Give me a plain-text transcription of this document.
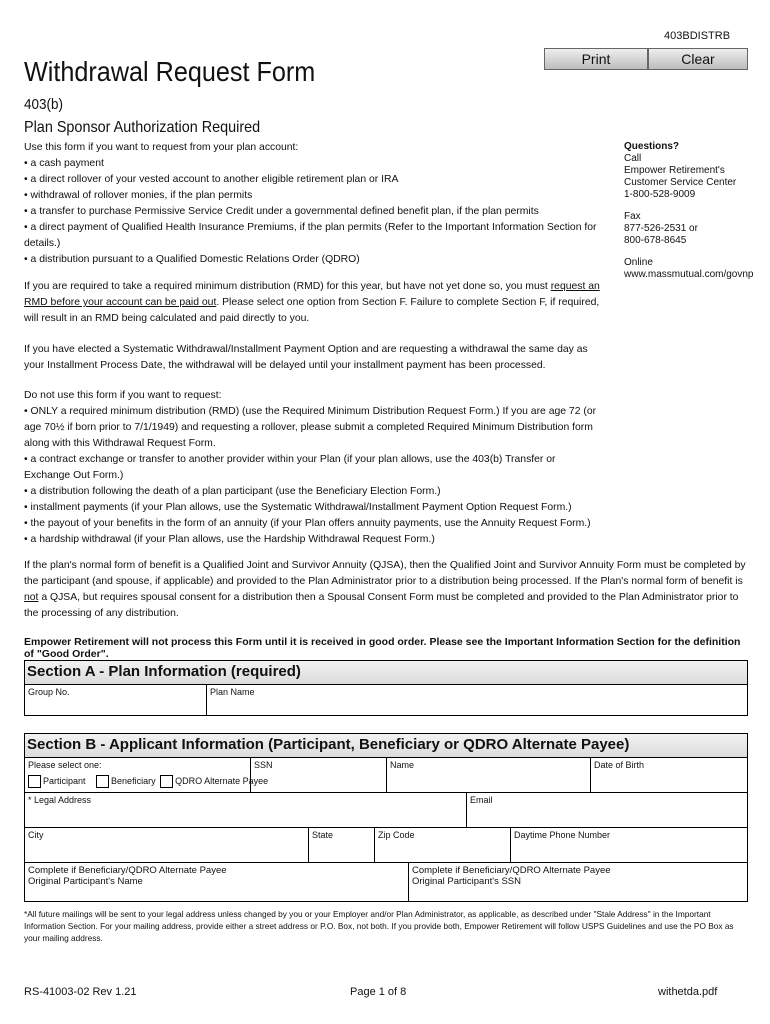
403BDISTRB
Print	Clear
Withdrawal Request Form
403(b)
Plan Sponsor Authorization Required
Use this form if you want to request from your plan account:
• a cash payment
• a direct rollover of your vested account to another eligible retirement plan or IRA
• withdrawal of rollover monies, if the plan permits
• a transfer to purchase Permissive Service Credit under a governmental defined benefit plan, if the plan permits
• a direct payment of Qualified Health Insurance Premiums, if the plan permits (Refer to the Important Information Section for details.)
• a distribution pursuant to a Qualified Domestic Relations Order (QDRO)
If you are required to take a required minimum distribution (RMD) for this year, but have not yet done so, you must request an RMD before your account can be paid out. Please select one option from Section F. Failure to complete Section F, if required, will result in an RMD being calculated and paid directly to you.
If you have elected a Systematic Withdrawal/Installment Payment Option and are requesting a withdrawal the same day as your Installment Process Date, the withdrawal will be delayed until your installment payment has been processed.
Do not use this form if you want to request:
• ONLY a required minimum distribution (RMD) (use the Required Minimum Distribution Request Form.) If you are age 72 (or age 70½ if born prior to 7/1/1949) and requesting a rollover, please submit a completed Required Minimum Distribution form along with this Withdrawal Request Form.
• a contract exchange or transfer to another provider within your Plan (if your plan allows, use the 403(b) Transfer or Exchange Out Form.)
• a distribution following the death of a plan participant (use the Beneficiary Election Form.)
• installment payments (if your Plan allows, use the Systematic Withdrawal/Installment Payment Option Request Form.)
• the payout of your benefits in the form of an annuity (if your Plan offers annuity payments, use the Annuity Request Form.)
• a hardship withdrawal (if your Plan allows, use the Hardship Withdrawal Request Form.)
If the plan's normal form of benefit is a Qualified Joint and Survivor Annuity (QJSA), then the Qualified Joint and Survivor Annuity Form must be completed by the participant (and spouse, if applicable) and provided to the Plan Administrator prior to a distribution being processed. If the Plan's normal form of benefit is not a QJSA, but requires spousal consent for a distribution then a Spousal Consent Form must be completed and provided to the Plan Administrator prior to the processing of any distribution.

Questions?
Call
Empower Retirement's Customer Service Center
1-800-528-9009

Fax
877-526-2531 or
800-678-8645

Online
www.massmutual.com/govnp

Empower Retirement will not process this Form until it is received in good order. Please see the Important Information Section for the definition of "Good Order".
Section A - Plan Information (required)
Group No.	Plan Name
Section B - Applicant Information (Participant, Beneficiary or QDRO Alternate Payee)
Please select one:
Participant	Beneficiary QDRO Alternate Payee
SSN	Name	Date of Birth
* Legal Address	Email
City	State	Zip Code	Daytime Phone Number
Complete if Beneficiary/QDRO Alternate Payee
Original Participant's Name
Complete if Beneficiary/QDRO Alternate Payee
Original Participant's SSN
*All future mailings will be sent to your legal address unless changed by you or your Employer and/or Plan Administrator, as applicable, as described under "Stale Address" in the Important Information Section. For your mailing address, provide either a street address or P.O. Box, not both. If you provide both, Empower Retirement will follow USPS Guidelines and use the PO Box as your mailing address.
RS-41003-02 Rev 1.21	Page 1 of 8	withetda.pdf
